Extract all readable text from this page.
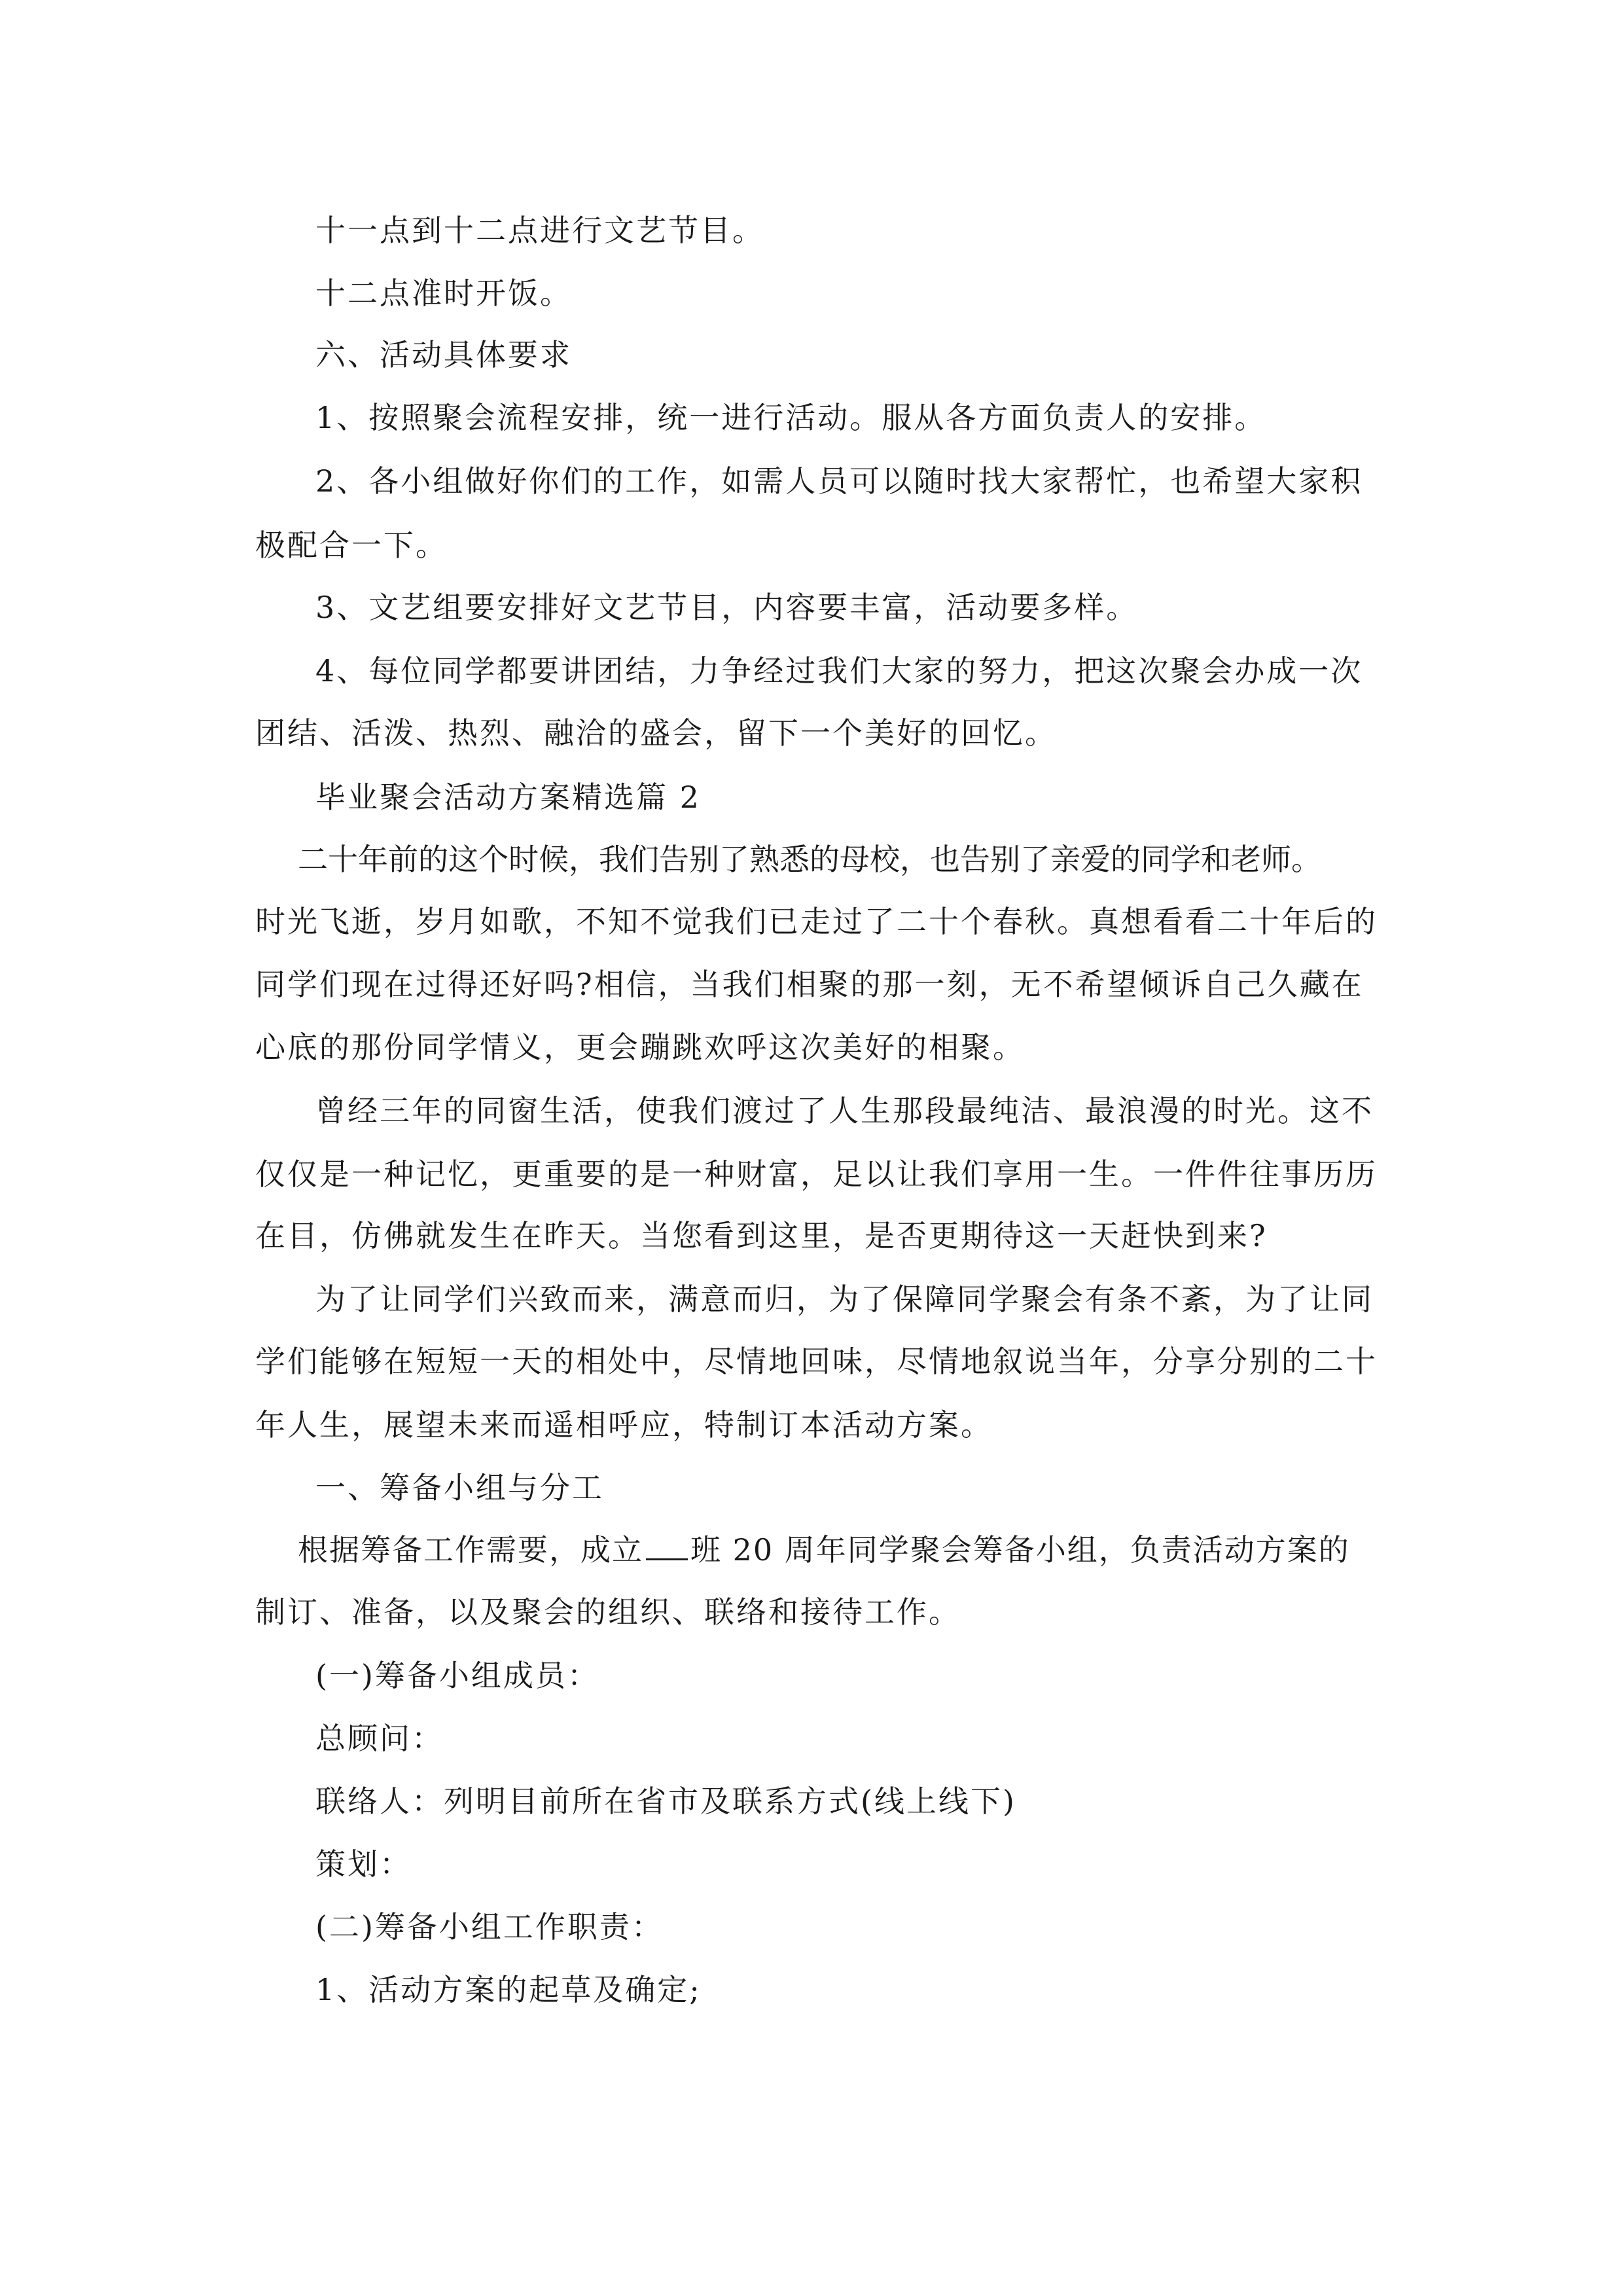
十一点到十二点进行文艺节目。
十二点准时开饭。
六、活动具体要求
1、按照聚会流程安排，统一进行活动。服从各方面负责人的安排。
2、各小组做好你们的工作，如需人员可以随时找大家帮忙，也希望大家积
极配合一下。
3、文艺组要安排好文艺节目，内容要丰富，活动要多样。
4、每位同学都要讲团结，力争经过我们大家的努力，把这次聚会办成一次
团结、活泼、热烈、融洽的盛会，留下一个美好的回忆。
毕业聚会活动方案精选篇 2
二十年前的这个时候，我们告别了熟悉的母校，也告别了亲爱的同学和老师。
时光飞逝，岁月如歌，不知不觉我们已走过了二十个春秋。真想看看二十年后的
同学们现在过得还好吗?相信，当我们相聚的那一刻，无不希望倾诉自己久藏在
心底的那份同学情义，更会蹦跳欢呼这次美好的相聚。
曾经三年的同窗生活，使我们渡过了人生那段最纯洁、最浪漫的时光。这不
仅仅是一种记忆，更重要的是一种财富，足以让我们享用一生。一件件往事历历
在目，仿佛就发生在昨天。当您看到这里，是否更期待这一天赶快到来?
为了让同学们兴致而来，满意而归，为了保障同学聚会有条不紊，为了让同
学们能够在短短一天的相处中，尽情地回味，尽情地叙说当年，分享分别的二十
年人生，展望未来而遥相呼应，特制订本活动方案。
一、筹备小组与分工
根据筹备工作需要，成立 班 20 周年同学聚会筹备小组，负责活动方案的
制订、准备，以及聚会的组织、联络和接待工作。
(一)筹备小组成员：
总顾问：
联络人：列明目前所在省市及联系方式(线上线下)
策划：
(二)筹备小组工作职责：
1、活动方案的起草及确定;
